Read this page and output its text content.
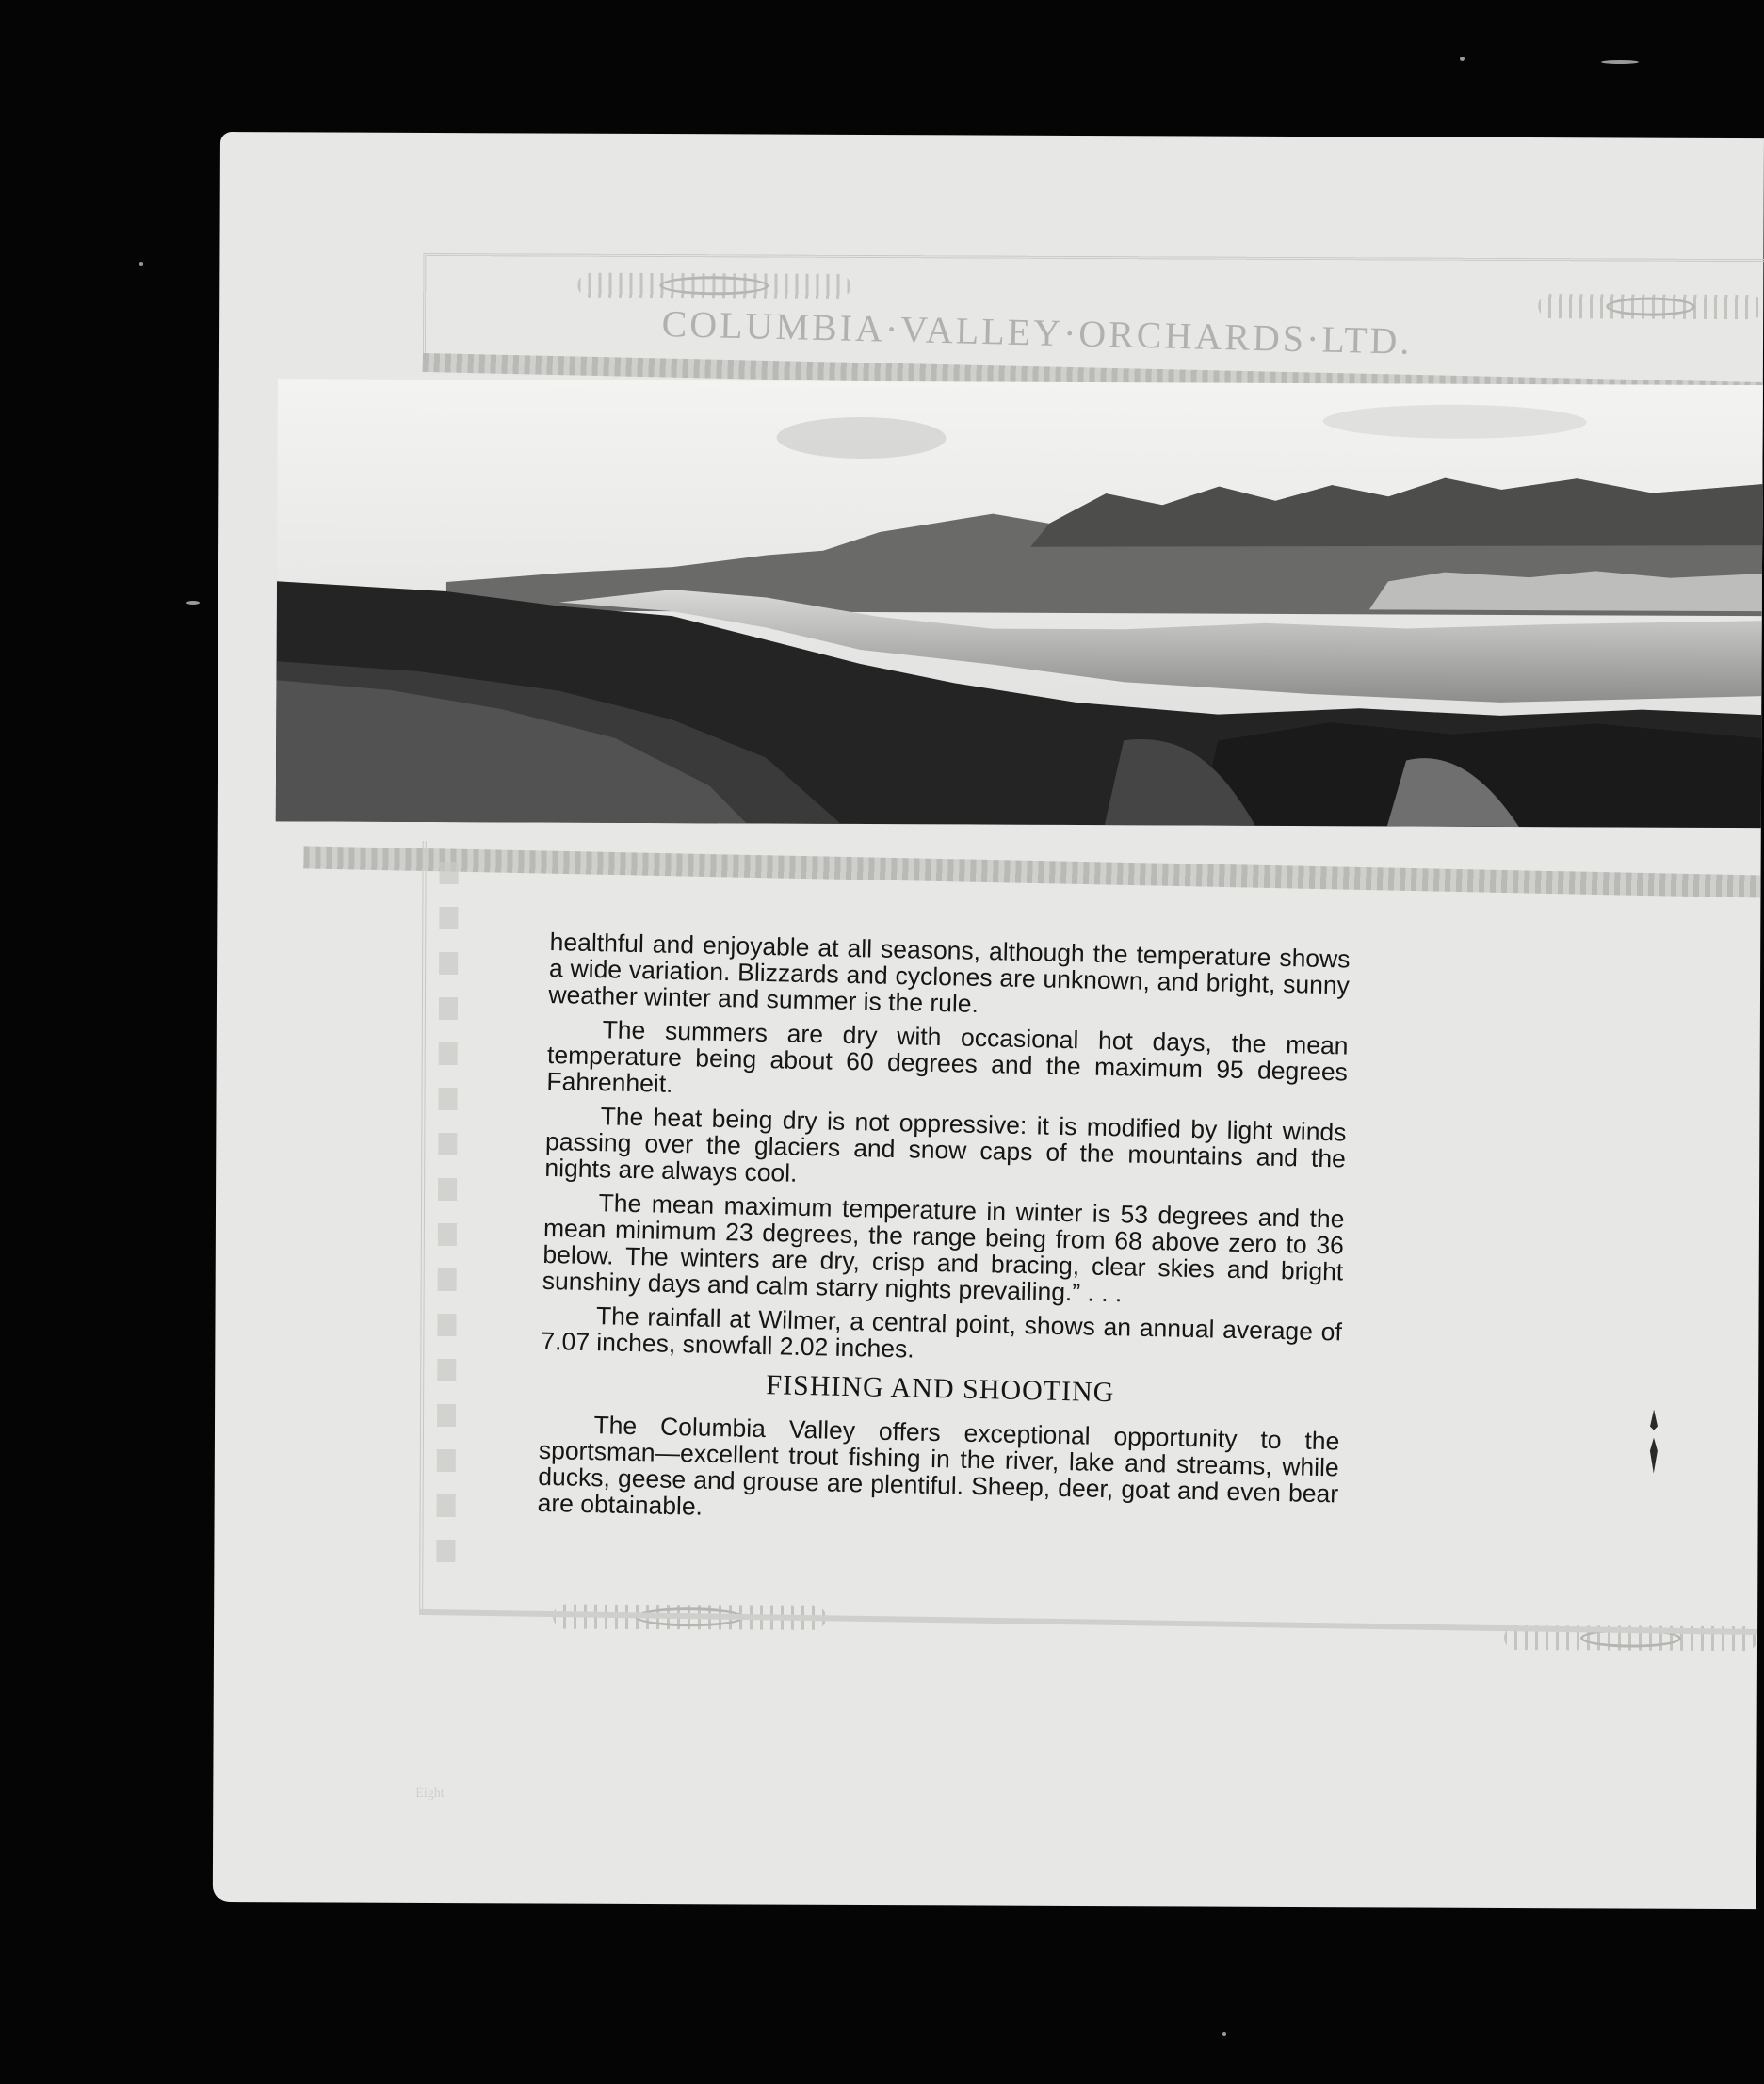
COLUMBIA·VALLEY·ORCHARDS·LTD.
Eight

healthful and enjoyable at all seasons, although the temperature shows a wide variation. Blizzards and cyclones are unknown, and bright, sunny weather winter and summer is the rule.

The summers are dry with occasional hot days, the mean temperature being about 60 degrees and the maximum 95 degrees Fahrenheit.

The heat being dry is not oppressive: it is modified by light winds passing over the glaciers and snow caps of the mountains and the nights are always cool.

The mean maximum temperature in winter is 53 degrees and the mean minimum 23 degrees, the range being from 68 above zero to 36 below. The winters are dry, crisp and bracing, clear skies and bright sunshiny days and calm starry nights prevailing.” . . .

The rainfall at Wilmer, a central point, shows an annual average of 7.07 inches, snowfall 2.02 inches.

FISHING AND SHOOTING

The Columbia Valley offers exceptional opportunity to the sportsman—excellent trout fishing in the river, lake and streams, while ducks, geese and grouse are plentiful. Sheep, deer, goat and even bear are obtainable.
